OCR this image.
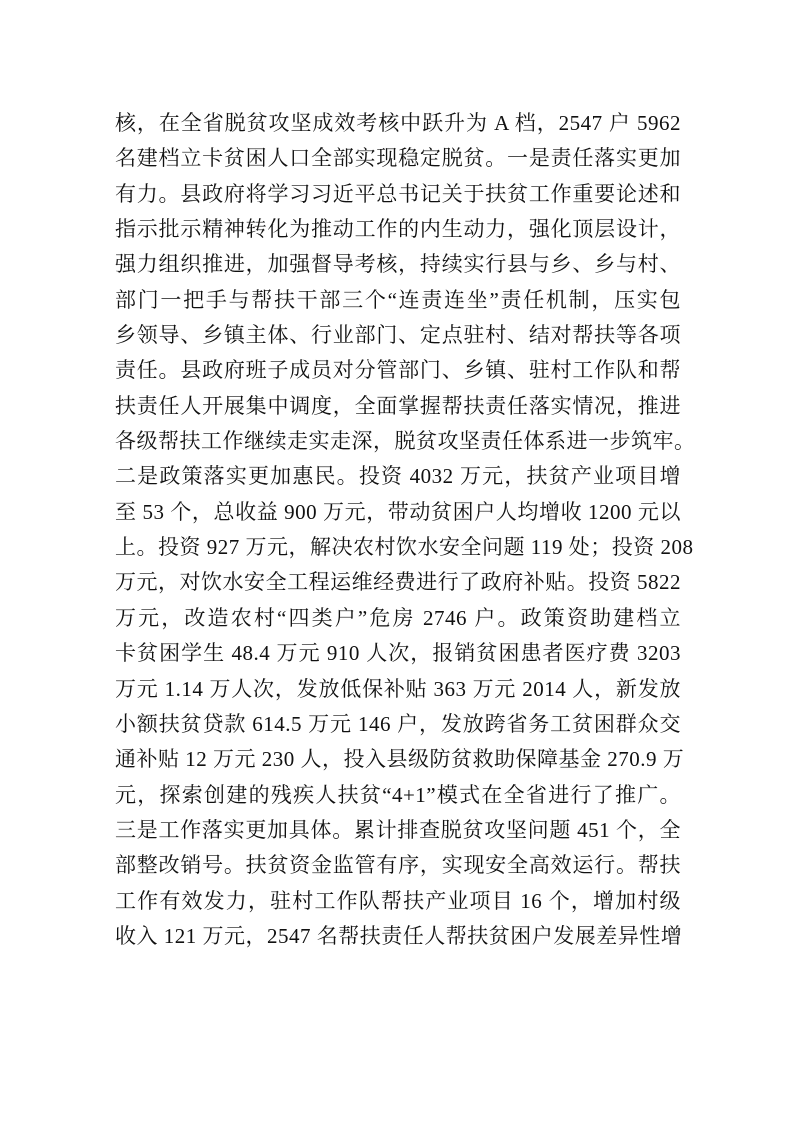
核，在全省脱贫攻坚成效考核中跃升为 A 档，2547 户 5962
名建档立卡贫困人口全部实现稳定脱贫。一是责任落实更加
有力。县政府将学习习近平总书记关于扶贫工作重要论述和
指示批示精神转化为推动工作的内生动力，强化顶层设计，
强力组织推进，加强督导考核，持续实行县与乡、乡与村、
部门一把手与帮扶干部三个“连责连坐”责任机制，压实包
乡领导、乡镇主体、行业部门、定点驻村、结对帮扶等各项
责任。县政府班子成员对分管部门、乡镇、驻村工作队和帮
扶责任人开展集中调度，全面掌握帮扶责任落实情况，推进
各级帮扶工作继续走实走深，脱贫攻坚责任体系进一步筑牢。
二是政策落实更加惠民。投资 4032 万元，扶贫产业项目增
至 53 个，总收益 900 万元，带动贫困户人均增收 1200 元以
上。投资 927 万元，解决农村饮水安全问题 119 处；投资 208
万元，对饮水安全工程运维经费进行了政府补贴。投资 5822
万元，改造农村“四类户”危房 2746 户。政策资助建档立
卡贫困学生 48.4 万元 910 人次，报销贫困患者医疗费 3203
万元 1.14 万人次，发放低保补贴 363 万元 2014 人，新发放
小额扶贫贷款 614.5 万元 146 户，发放跨省务工贫困群众交
通补贴 12 万元 230 人，投入县级防贫救助保障基金 270.9 万
元，探索创建的残疾人扶贫“4+1”模式在全省进行了推广。
三是工作落实更加具体。累计排查脱贫攻坚问题 451 个，全
部整改销号。扶贫资金监管有序，实现安全高效运行。帮扶
工作有效发力，驻村工作队帮扶产业项目 16 个，增加村级
收入 121 万元，2547 名帮扶责任人帮扶贫困户发展差异性增
